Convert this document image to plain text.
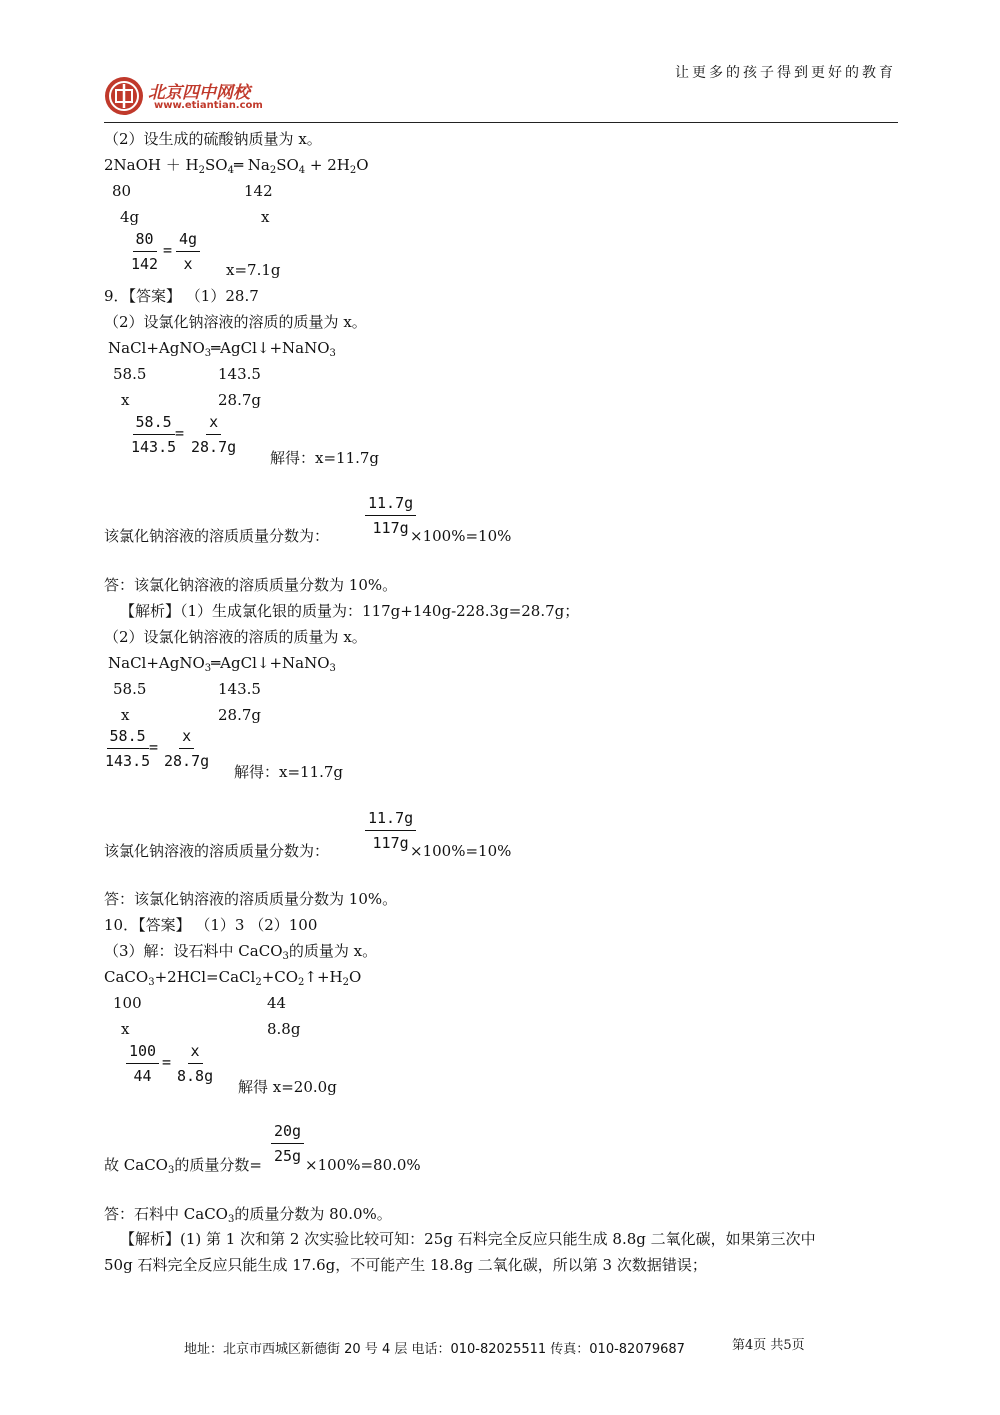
让更多的孩子得到更好的教育
北京四中网校
www.etiantian.com
（2）设生成的硫酸钠质量为 x。
2NaOH ＋ $H_2SO_4═$ $Na_2SO_4 + 2H_2O$
80	142
4g	x
$\frac{80}{142} = \frac{4g}{x} x=7.1g$
9．【答案】 （1）28.7
（2）设氯化钠溶液的溶质的质量为 x。
NaCl+AgNO$_3$═AgCl↓+NaNO$_3$
58.5	143.5
x	28.7g
$\frac{58.5}{143.5}$
= $\frac{x}{28.7g}$
解得：x=11.7g
该氯化钠溶液的溶质质量分数为： $\frac{11.7g}{117g}$
×100%=10%
答：该氯化钠溶液的溶质质量分数为 10%。
【解析】（1）生成氯化银的质量为：117g+140g-228.3g=28.7g；
（2）设氯化钠溶液的溶质的质量为 x。
NaCl+AgNO$_3$═AgCl↓+NaNO$_3$
58.5	143.5
x	28.7g
$\frac{58.5}{143.5}$
= $\frac{x}{28.7g}$
解得：x=11.7g
该氯化钠溶液的溶质质量分数为： $\frac{11.7g}{117g}$
×100%=10%
答：该氯化钠溶液的溶质质量分数为 10%。
10．【答案】 （1）3 （2）100
（3）解：设石料中 CaCO$_3$的质量为 x。
$CaCO_3+2HCl=CaCl_2+CO_2↑+H_2O$
100	44
x	8.8g
$\frac{100}{44} = \frac{x}{8.8g}$
解得 x=20.0g
故 CaCO$_3$的质量分数= $\frac{20g}{25g} \times 100\%=80.0\%$
答：石料中 CaCO$_3$的质量分数为 80.0%。
【解析】(1) 第 1 次和第 2 次实验比较可知：25g 石料完全反应只能生成 8.8g 二氧化碳，如果第三次中
50g 石料完全反应只能生成 17.6g，不可能产生 18.8g 二氧化碳，所以第 3 次数据错误；
地址：北京市西城区新德街 20 号 4 层 电话：010-82025511 传真：010-82079687	第4页 共5页
